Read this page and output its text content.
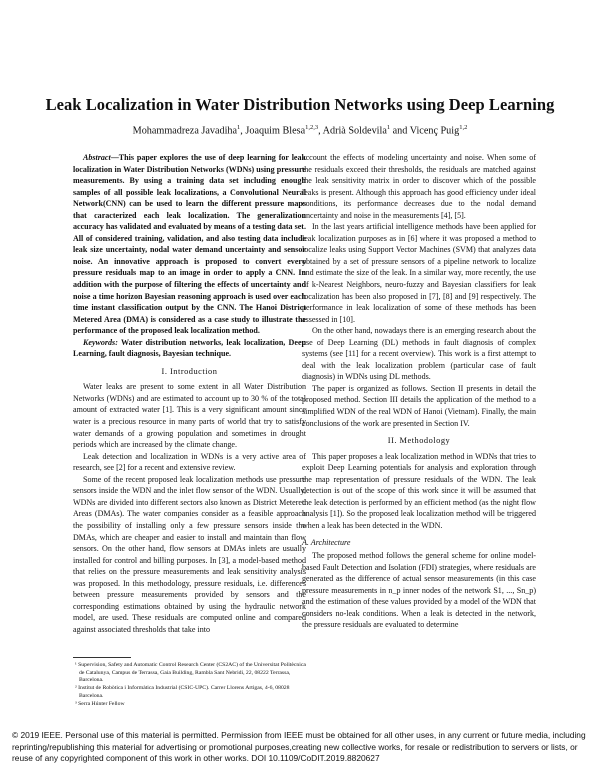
Leak Localization in Water Distribution Networks using Deep Learning
Mohammadreza Javadiha$^1$, Joaquim Blesa$^{1,2,3}$, Adrià Soldevila$^1$ and Vicenç Puig$^{1,2}$

Abstract—This paper explores the use of deep learning for leak localization in Water Distribution Networks (WDNs) using pressure measurements. By using a training data set including enough samples of all possible leak localizations, a Convolutional Neural Network(CNN) can be used to learn the different pressure maps that caracterized each leak localization. The generalization accuracy has validated and evaluated by means of a testing data set. All of considered training, validation, and also testing data include leak size uncertainty, nodal water demand uncertainty and sensor noise. An innovative approach is proposed to convert every pressure residuals map to an image in order to apply a CNN. In addition with the purpose of filtering the effects of uncertainty and noise a time horizon Bayesian reasoning approach is used over each time instant classification output by the CNN. The Hanoi District Metered Area (DMA) is considered as a case study to illustrate the performance of the proposed leak localization method.

Keywords: Water distribution networks, leak localization, Deep Learning, fault diagnosis, Bayesian technique.

I. Introduction

Water leaks are present to some extent in all Water Distribution Networks (WDNs) and are estimated to account up to 30 % of the total amount of extracted water [1]. This is a very significant amount since water is a precious resource in many parts of world that try to satisfy water demands of a growing population and sometimes in drought periods which are increased by the climate change.

Leak detection and localization in WDNs is a very active area of research, see [2] for a recent and extensive review.

Some of the recent proposed leak localization methods use pressure sensors inside the WDN and the inlet flow sensor of the WDN. Usually, WDNs are divided into different sectors also known as District Metered Areas (DMAs). The water companies consider as a feasible approach the possibility of installing only a few pressure sensors inside the DMAs, which are cheaper and easier to install and maintain than flow sensors. On the other hand, flow sensors at DMAs inlets are usually installed for control and billing purposes. In [3], a model-based method that relies on the pressure measurements and leak sensitivity analysis was proposed. In this methodology, pressure residuals, i.e. differences between pressure measurements provided by sensors and the corresponding estimations obtained by using the hydraulic network model, are used. These residuals are computed online and compared against associated thresholds that take into

¹ Supervision, Safety and Automatic Control Research Center (CS2AC) of the Universitat Politècnica de Catalunya, Campus de Terrassa, Gaia Building, Rambla Sant Nebridi, 22, 08222 Terrassa, Barcelona.

² Institut de Robòtica i Informàtica Industrial (CSIC-UPC). Carrer Llorens Artigas, 4-6, 08028 Barcelona.

³ Serra Húnter Fellow

account the effects of modeling uncertainty and noise. When some of the residuals exceed their thresholds, the residuals are matched against the leak sensitivity matrix in order to discover which of the possible leaks is present. Although this approach has good efficiency under ideal conditions, its performance decreases due to the nodal demand uncertainty and noise in the measurements [4], [5].

In the last years artificial intelligence methods have been applied for leak localization purposes as in [6] where it was proposed a method to localize leaks using Support Vector Machines (SVM) that analyzes data obtained by a set of pressure sensors of a pipeline network to localize and estimate the size of the leak. In a similar way, more recently, the use of k-Nearest Neighbors, neuro-fuzzy and Bayesian classifiers for leak localization has been also proposed in [7], [8] and [9] respectively. The performance in leak localization of some of these methods has been assessed in [10].

On the other hand, nowadays there is an emerging research about the use of Deep Learning (DL) methods in fault diagnosis of complex systems (see [11] for a recent overview). This work is a first attempt to deal with the leak localization problem (particular case of fault diagnosis) in WDNs using DL methods.

The paper is organized as follows. Section II presents in detail the proposed method. Section III details the application of the method to a simplified WDN of the real WDN of Hanoi (Vietnam). Finally, the main conclusions of the work are presented in Section IV.

II. Methodology

This paper proposes a leak localization method in WDNs that tries to exploit Deep Learning potentials for analysis and exploration through the map representation of pressure residuals of the WDN. The leak detection is out of the scope of this work since it will be assumed that the leak detection is performed by an efficient method (as the night flow analysis [1]). So the proposed leak localization method will be triggered when a leak has been detected in the WDN.

A. Architecture

The proposed method follows the general scheme for online model-based Fault Detection and Isolation (FDI) strategies, where residuals are generated as the difference of actual sensor measurements (in this case pressure measurements in n_p inner nodes of the network S1, ..., Sn_p) and the estimation of these values provided by a model of the WDN that considers no-leak conditions. When a leak is detected in the network, the pressure residuals are evaluated to determine

© 2019 IEEE. Personal use of this material is permitted. Permission from IEEE must be obtained for all other uses, in any current or future media, including reprinting/republishing this material for advertising or promotional purposes,creating new collective works, for resale or redistribution to servers or lists, or reuse of any copyrighted component of this work in other works. DOI 10.1109/CoDIT.2019.8820627
